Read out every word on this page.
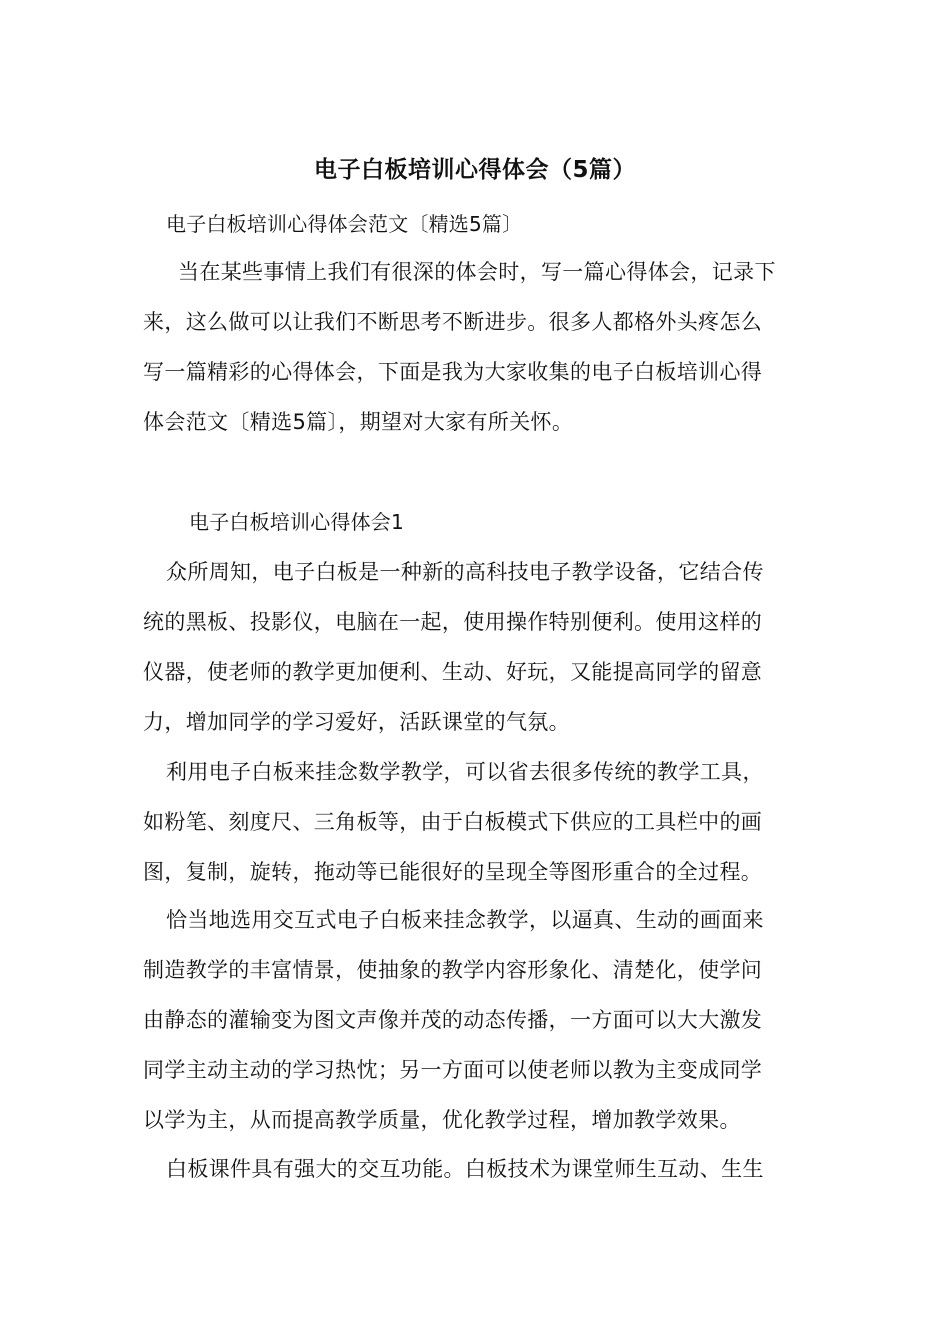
电子白板培训心得体会（5篇）
电子白板培训心得体会范文〔精选5篇〕
当在某些事情上我们有很深的体会时，写一篇心得体会，记录下
来，这么做可以让我们不断思考不断进步。很多人都格外头疼怎么
写一篇精彩的心得体会，下面是我为大家收集的电子白板培训心得
体会范文〔精选5篇〕，期望对大家有所关怀。
电子白板培训心得体会1
众所周知，电子白板是一种新的高科技电子教学设备，它结合传
统的黑板、投影仪，电脑在一起，使用操作特别便利。使用这样的
仪器，使老师的教学更加便利、生动、好玩，又能提高同学的留意
力，增加同学的学习爱好，活跃课堂的气氛。
利用电子白板来挂念数学教学，可以省去很多传统的教学工具，
如粉笔、刻度尺、三角板等，由于白板模式下供应的工具栏中的画
图，复制，旋转，拖动等已能很好的呈现全等图形重合的全过程。
恰当地选用交互式电子白板来挂念教学，以逼真、生动的画面来
制造教学的丰富情景，使抽象的教学内容形象化、清楚化，使学问
由静态的灌输变为图文声像并茂的动态传播，一方面可以大大激发
同学主动主动的学习热忱；另一方面可以使老师以教为主变成同学
以学为主，从而提高教学质量，优化教学过程，增加教学效果。
白板课件具有强大的交互功能。白板技术为课堂师生互动、生生
